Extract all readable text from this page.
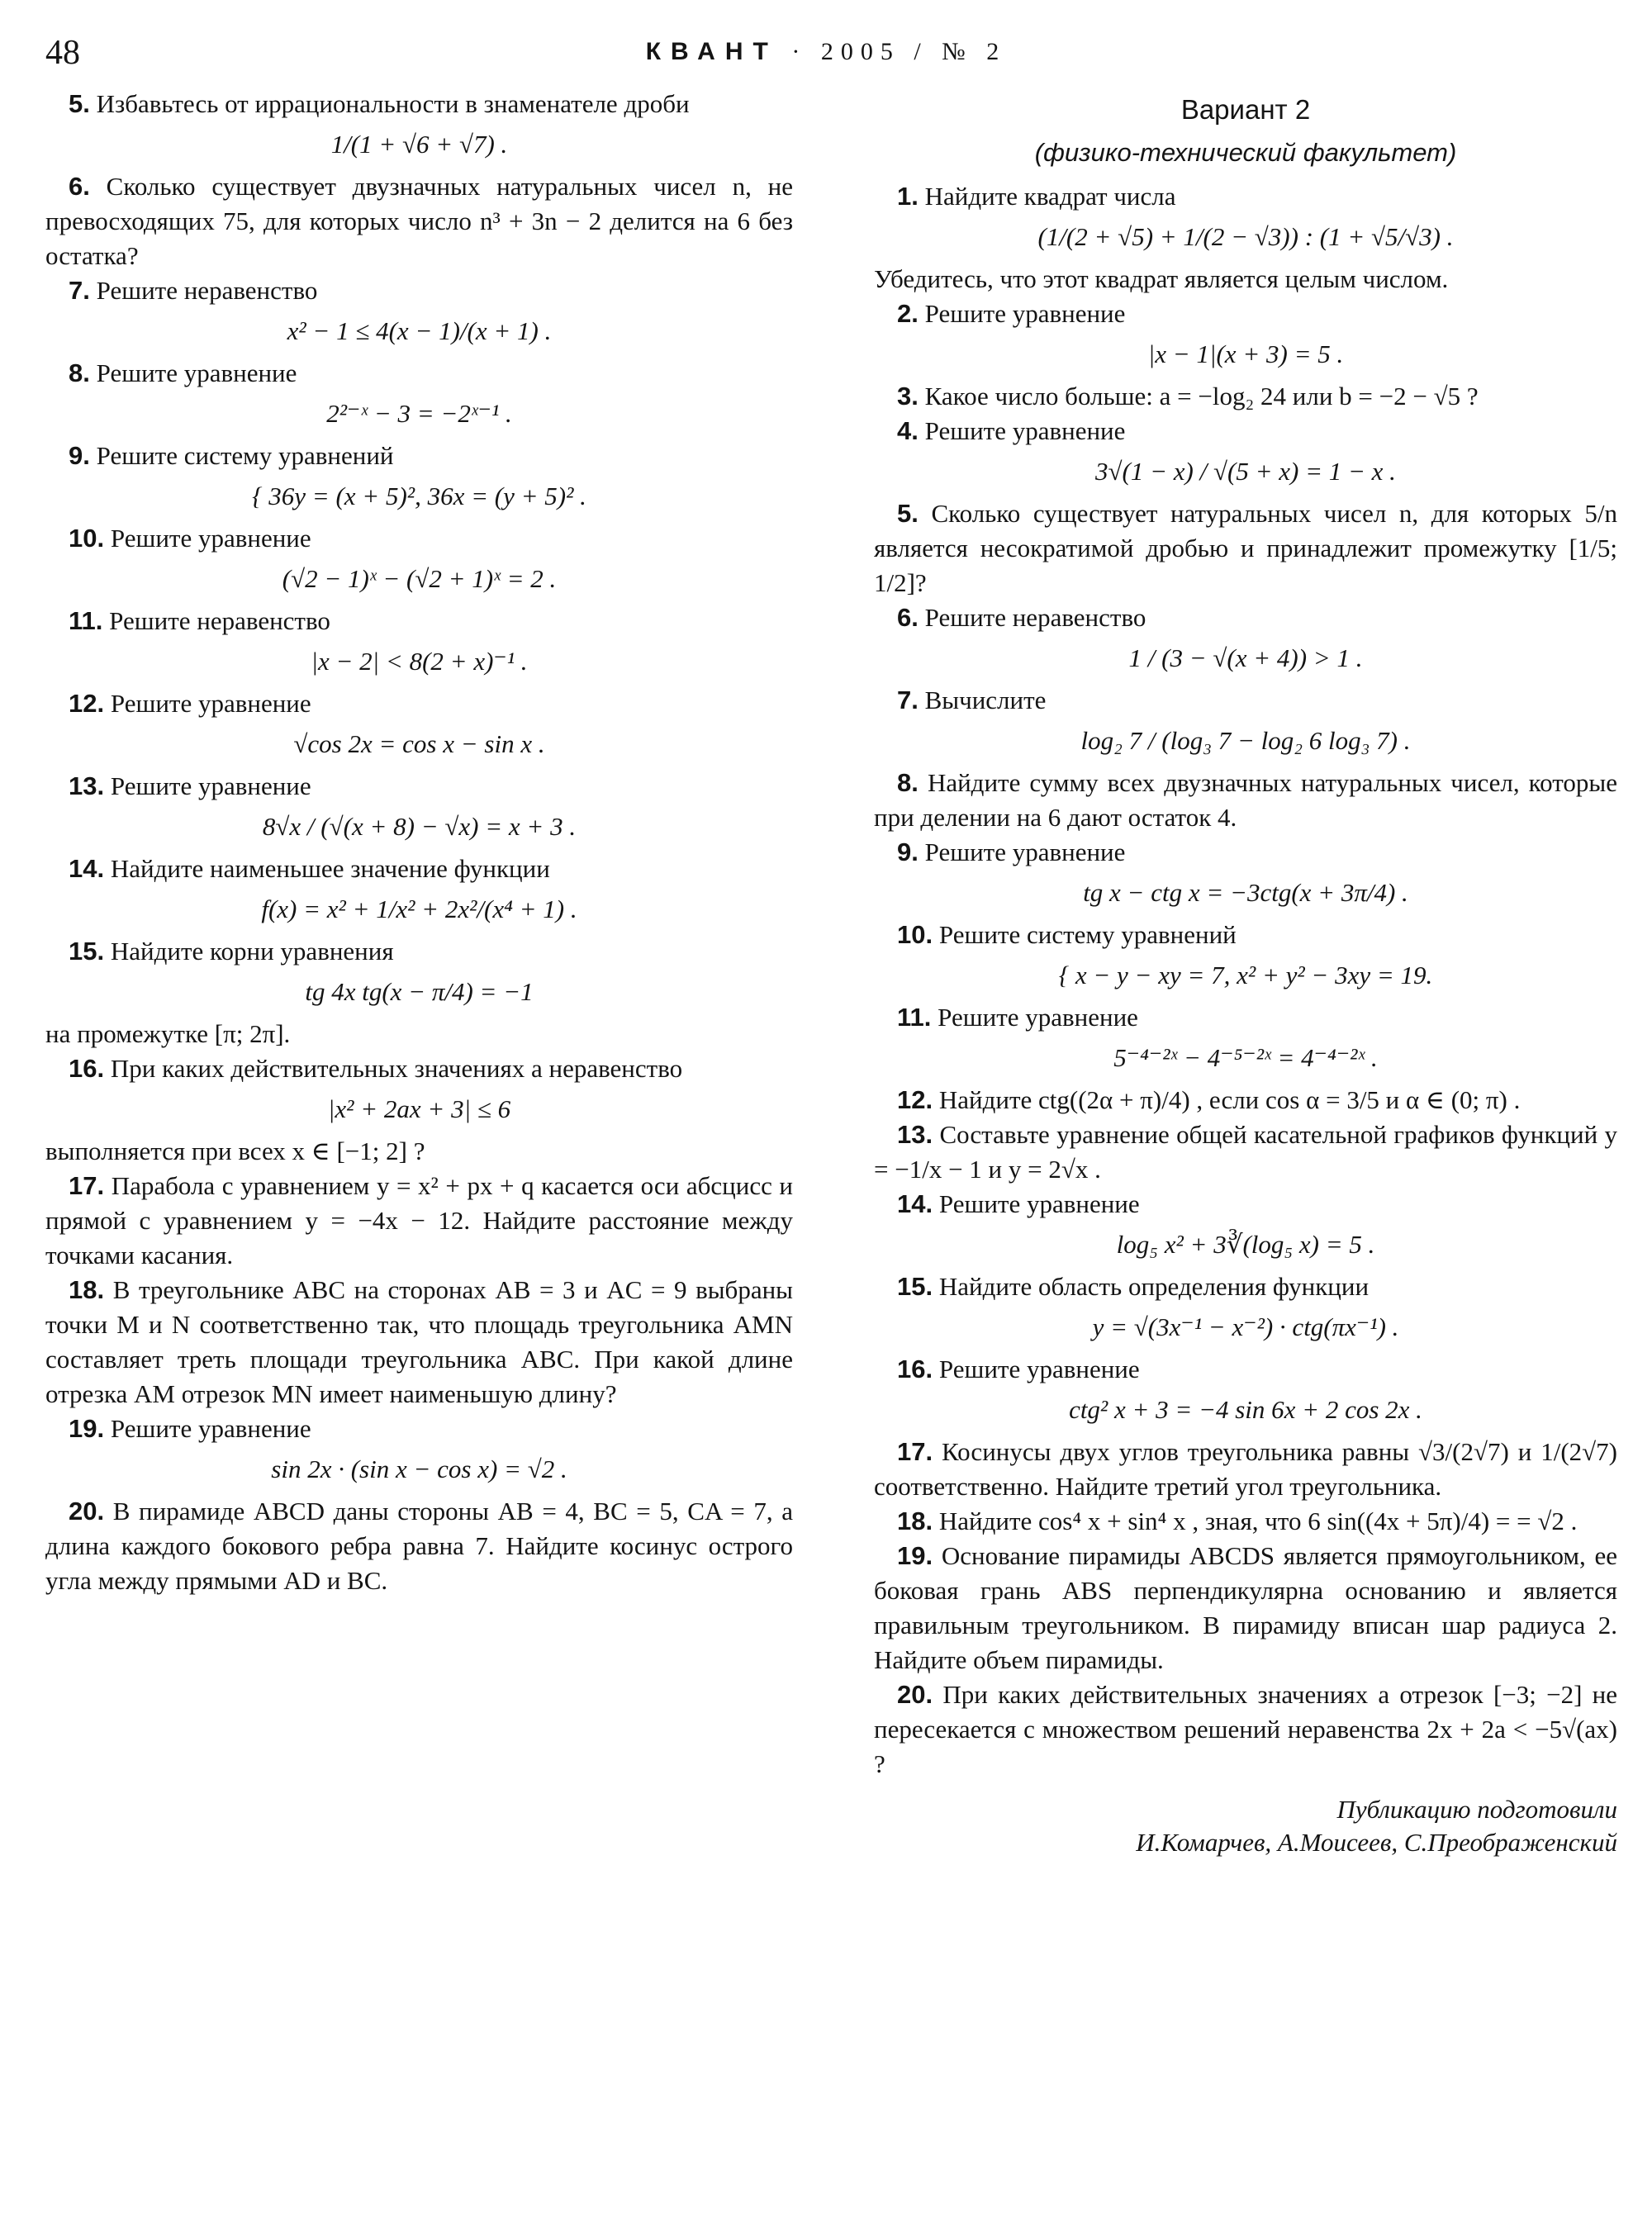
48	КВАНТ · 2005 / № 2

5. Избавьтесь от иррациональности в знаменателе дроби

1/(1 + √6 + √7) .

6. Сколько существует двузначных натуральных чисел n, не превосходящих 75, для которых число n³ + 3n − 2 делится на 6 без остатка?

7. Решите неравенство

x² − 1 ≤ 4(x − 1)/(x + 1) .

8. Решите уравнение

2²⁻ˣ − 3 = −2ˣ⁻¹ .

9. Решите систему уравнений

{ 36y = (x + 5)², 36x = (y + 5)² .

10. Решите уравнение

(√2 − 1)ˣ − (√2 + 1)ˣ = 2 .

11. Решите неравенство

|x − 2| < 8(2 + x)⁻¹ .

12. Решите уравнение

√cos 2x = cos x − sin x .

13. Решите уравнение

8√x / (√(x + 8) − √x) = x + 3 .

14. Найдите наименьшее значение функции

f(x) = x² + 1/x² + 2x²/(x⁴ + 1) .

15. Найдите корни уравнения

tg 4x tg(x − π/4) = −1

на промежутке [π; 2π].

16. При каких действительных значениях a неравенство

|x² + 2ax + 3| ≤ 6

выполняется при всех x ∈ [−1; 2] ?

17. Парабола с уравнением y = x² + px + q касается оси абсцисс и прямой с уравнением y = −4x − 12. Найдите расстояние между точками касания.

18. В треугольнике ABC на сторонах AB = 3 и AC = 9 выбраны точки M и N соответственно так, что площадь треугольника AMN составляет треть площади треугольника ABC. При какой длине отрезка AM отрезок MN имеет наименьшую длину?

19. Решите уравнение

sin 2x · (sin x − cos x) = √2 .

20. В пирамиде ABCD даны стороны AB = 4, BC = 5, CA = 7, а длина каждого бокового ребра равна 7. Найдите косинус острого угла между прямыми AD и BC.

Вариант 2
(физико-технический факультет)

1. Найдите квадрат числа

(1/(2 + √5) + 1/(2 − √3)) : (1 + √5/√3) .

Убедитесь, что этот квадрат является целым числом.

2. Решите уравнение

|x − 1|(x + 3) = 5 .

3. Какое число больше: a = −log₂ 24 или b = −2 − √5 ?

4. Решите уравнение

3√(1 − x) / √(5 + x) = 1 − x .

5. Сколько существует натуральных чисел n, для которых 5/n является несократимой дробью и принадлежит промежутку [1/5; 1/2]?

6. Решите неравенство

1 / (3 − √(x + 4)) > 1 .

7. Вычислите

log₂ 7 / (log₃ 7 − log₂ 6 log₃ 7) .

8. Найдите сумму всех двузначных натуральных чисел, которые при делении на 6 дают остаток 4.

9. Решите уравнение

tg x − ctg x = −3ctg(x + 3π/4) .

10. Решите систему уравнений

{ x − y − xy = 7, x² + y² − 3xy = 19.

11. Решите уравнение

5⁻⁴⁻²ˣ − 4⁻⁵⁻²ˣ = 4⁻⁴⁻²ˣ .

12. Найдите ctg((2α + π)/4) , если cos α = 3/5 и α ∈ (0; π) .

13. Составьте уравнение общей касательной графиков функций y = −1/x − 1 и y = 2√x .

14. Решите уравнение

log₅ x² + 3∛(log₅ x) = 5 .

15. Найдите область определения функции

y = √(3x⁻¹ − x⁻²) · ctg(πx⁻¹) .

16. Решите уравнение

ctg² x + 3 = −4 sin 6x + 2 cos 2x .

17. Косинусы двух углов треугольника равны √3/(2√7) и 1/(2√7) соответственно. Найдите третий угол треугольника.

18. Найдите cos⁴ x + sin⁴ x , зная, что 6 sin((4x + 5π)/4) = = √2 .

19. Основание пирамиды ABCDS является прямоугольником, ее боковая грань ABS перпендикулярна основанию и является правильным треугольником. В пирамиду вписан шар радиуса 2. Найдите объем пирамиды.

20. При каких действительных значениях a отрезок [−3; −2] не пересекается с множеством решений неравенства 2x + 2a < −5√(ax) ?

Публикацию подготовили
И.Комарчев, А.Моисеев, С.Преображенский
